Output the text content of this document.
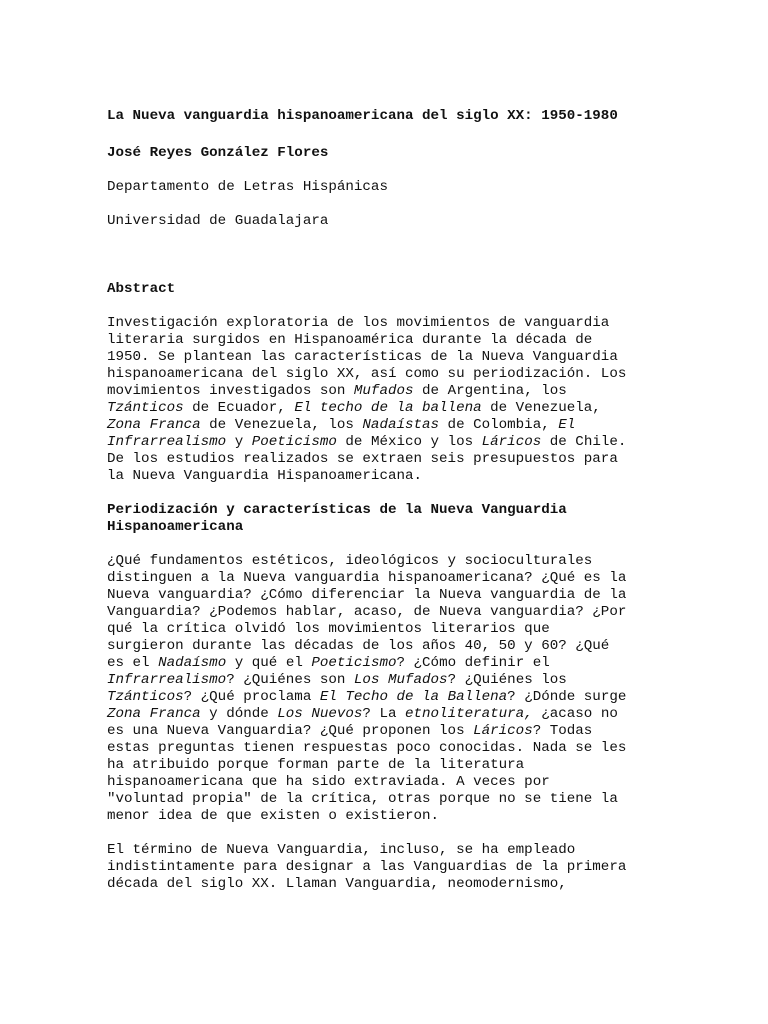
La Nueva vanguardia hispanoamericana del siglo XX: 1950-1980
José Reyes González Flores
Departamento de Letras Hispánicas
Universidad de Guadalajara
Abstract
Investigación exploratoria de los movimientos de vanguardia
literaria surgidos en Hispanoamérica durante la década de
1950. Se plantean las características de la Nueva Vanguardia
hispanoamericana del siglo XX, así como su periodización. Los
movimientos investigados son Mufados de Argentina, los
Tzánticos de Ecuador, El techo de la ballena de Venezuela,
Zona Franca de Venezuela, los Nadaístas de Colombia, El
Infrarrealismo y Poeticismo de México y los Láricos de Chile.
De los estudios realizados se extraen seis presupuestos para
la Nueva Vanguardia Hispanoamericana.
Periodización y características de la Nueva Vanguardia
Hispanoamericana
¿Qué fundamentos estéticos, ideológicos y socioculturales
distinguen a la Nueva vanguardia hispanoamericana? ¿Qué es la
Nueva vanguardia? ¿Cómo diferenciar la Nueva vanguardia de la
Vanguardia? ¿Podemos hablar, acaso, de Nueva vanguardia? ¿Por
qué la crítica olvidó los movimientos literarios que
surgieron durante las décadas de los años 40, 50 y 60? ¿Qué
es el Nadaísmo y qué el Poeticismo? ¿Cómo definir el
Infrarrealismo? ¿Quiénes son Los Mufados? ¿Quiénes los
Tzánticos? ¿Qué proclama El Techo de la Ballena? ¿Dónde surge
Zona Franca y dónde Los Nuevos? La etnoliteratura, ¿acaso no
es una Nueva Vanguardia? ¿Qué proponen los Láricos? Todas
estas preguntas tienen respuestas poco conocidas. Nada se les
ha atribuido porque forman parte de la literatura
hispanoamericana que ha sido extraviada. A veces por
"voluntad propia" de la crítica, otras porque no se tiene la
menor idea de que existen o existieron.
El término de Nueva Vanguardia, incluso, se ha empleado
indistintamente para designar a las Vanguardias de la primera
década del siglo XX. Llaman Vanguardia, neomodernismo,
